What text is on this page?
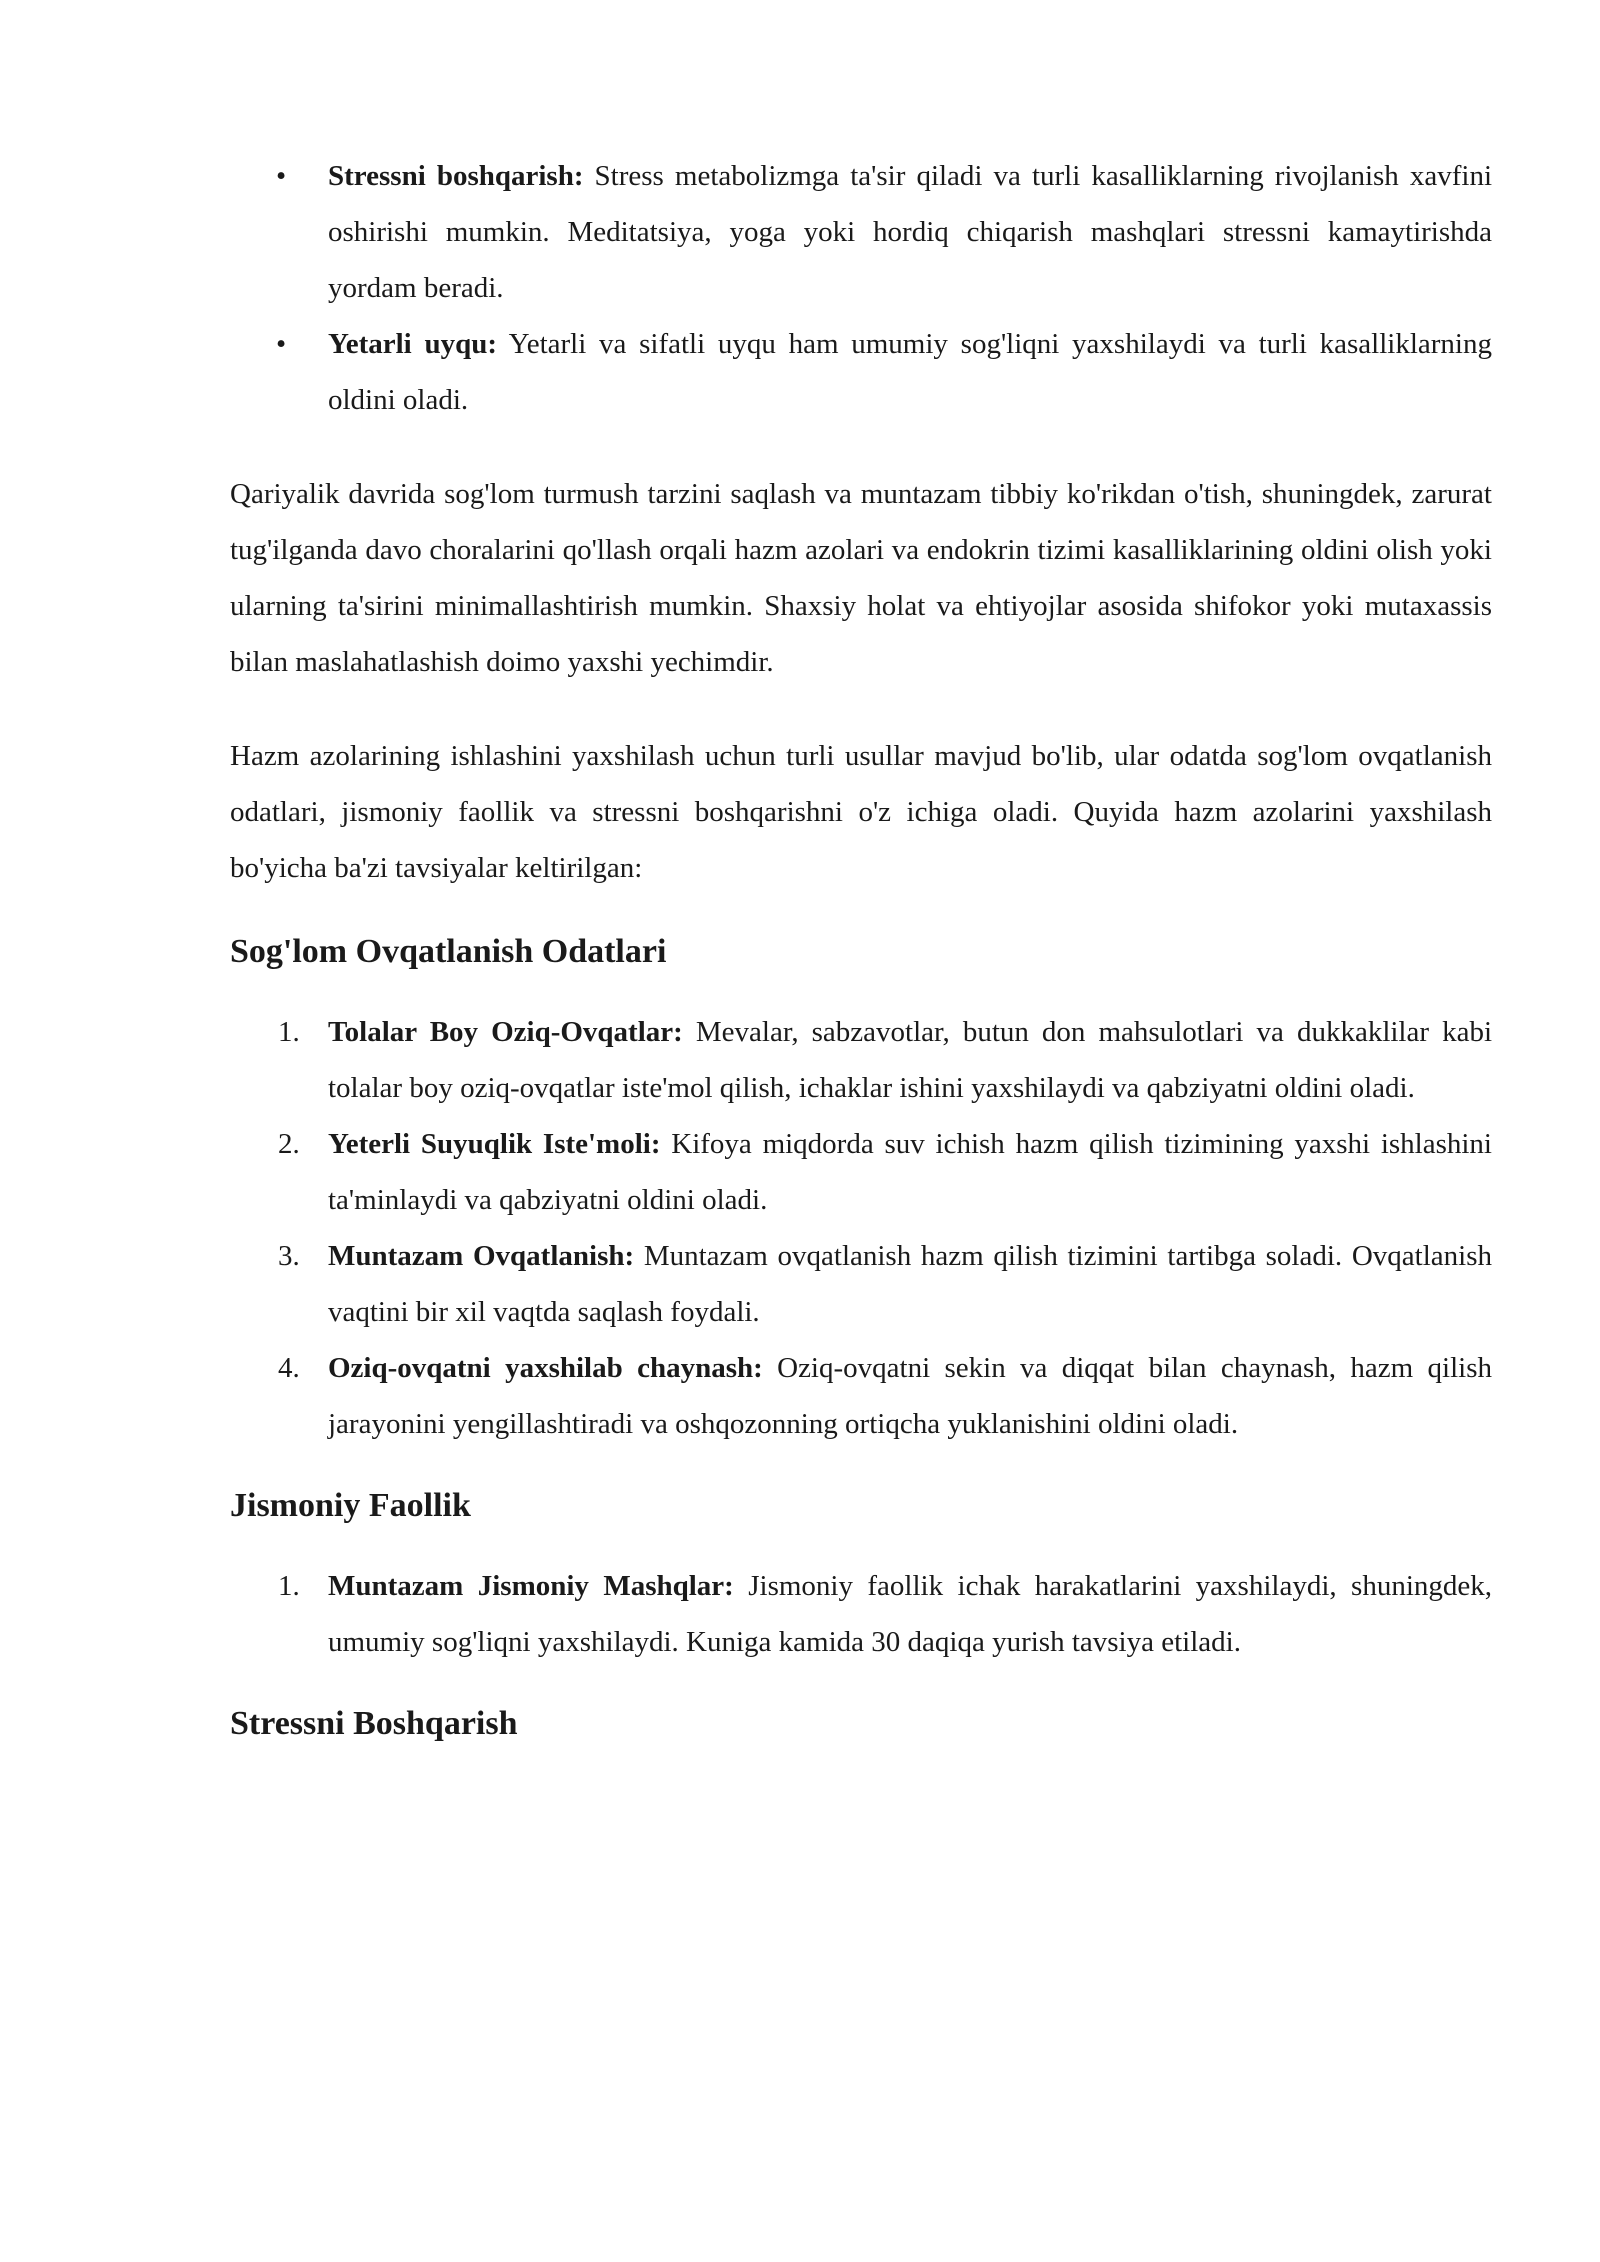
•	Stressni boshqarish: Stress metabolizmga ta'sir qiladi va turli kasalliklarning rivojlanish xavfini oshirishi mumkin. Meditatsiya, yoga yoki hordiq chiqarish mashqlari stressni kamaytirishda yordam beradi.
•	Yetarli uyqu: Yetarli va sifatli uyqu ham umumiy sog'liqni yaxshilaydi va turli kasalliklarning oldini oladi.

Qariyalik davrida sog'lom turmush tarzini saqlash va muntazam tibbiy ko'rikdan o'tish, shuningdek, zarurat tug'ilganda davo choralarini qo'llash orqali hazm azolari va endokrin tizimi kasalliklarining oldini olish yoki ularning ta'sirini minimallashtirish mumkin. Shaxsiy holat va ehtiyojlar asosida shifokor yoki mutaxassis bilan maslahatlashish doimo yaxshi yechimdir.

Hazm azolarining ishlashini yaxshilash uchun turli usullar mavjud bo'lib, ular odatda sog'lom ovqatlanish odatlari, jismoniy faollik va stressni boshqarishni o'z ichiga oladi. Quyida hazm azolarini yaxshilash bo'yicha ba'zi tavsiyalar keltirilgan:

Sog'lom Ovqatlanish Odatlari
1. Tolalar Boy Oziq-Ovqatlar: Mevalar, sabzavotlar, butun don mahsulotlari va dukkaklilar kabi tolalar boy oziq-ovqatlar iste'mol qilish, ichaklar ishini yaxshilaydi va qabziyatni oldini oladi.
2. Yeterli Suyuqlik Iste'moli: Kifoya miqdorda suv ichish hazm qilish tizimining yaxshi ishlashini ta'minlaydi va qabziyatni oldini oladi.
3. Muntazam Ovqatlanish: Muntazam ovqatlanish hazm qilish tizimini tartibga soladi. Ovqatlanish vaqtini bir xil vaqtda saqlash foydali.
4. Oziq-ovqatni yaxshilab chaynash: Oziq-ovqatni sekin va diqqat bilan chaynash, hazm qilish jarayonini yengillashtiradi va oshqozonning ortiqcha yuklanishini oldini oladi.
Jismoniy Faollik
1. Muntazam Jismoniy Mashqlar: Jismoniy faollik ichak harakatlarini yaxshilaydi, shuningdek, umumiy sog'liqni yaxshilaydi. Kuniga kamida 30 daqiqa yurish tavsiya etiladi.
Stressni Boshqarish
